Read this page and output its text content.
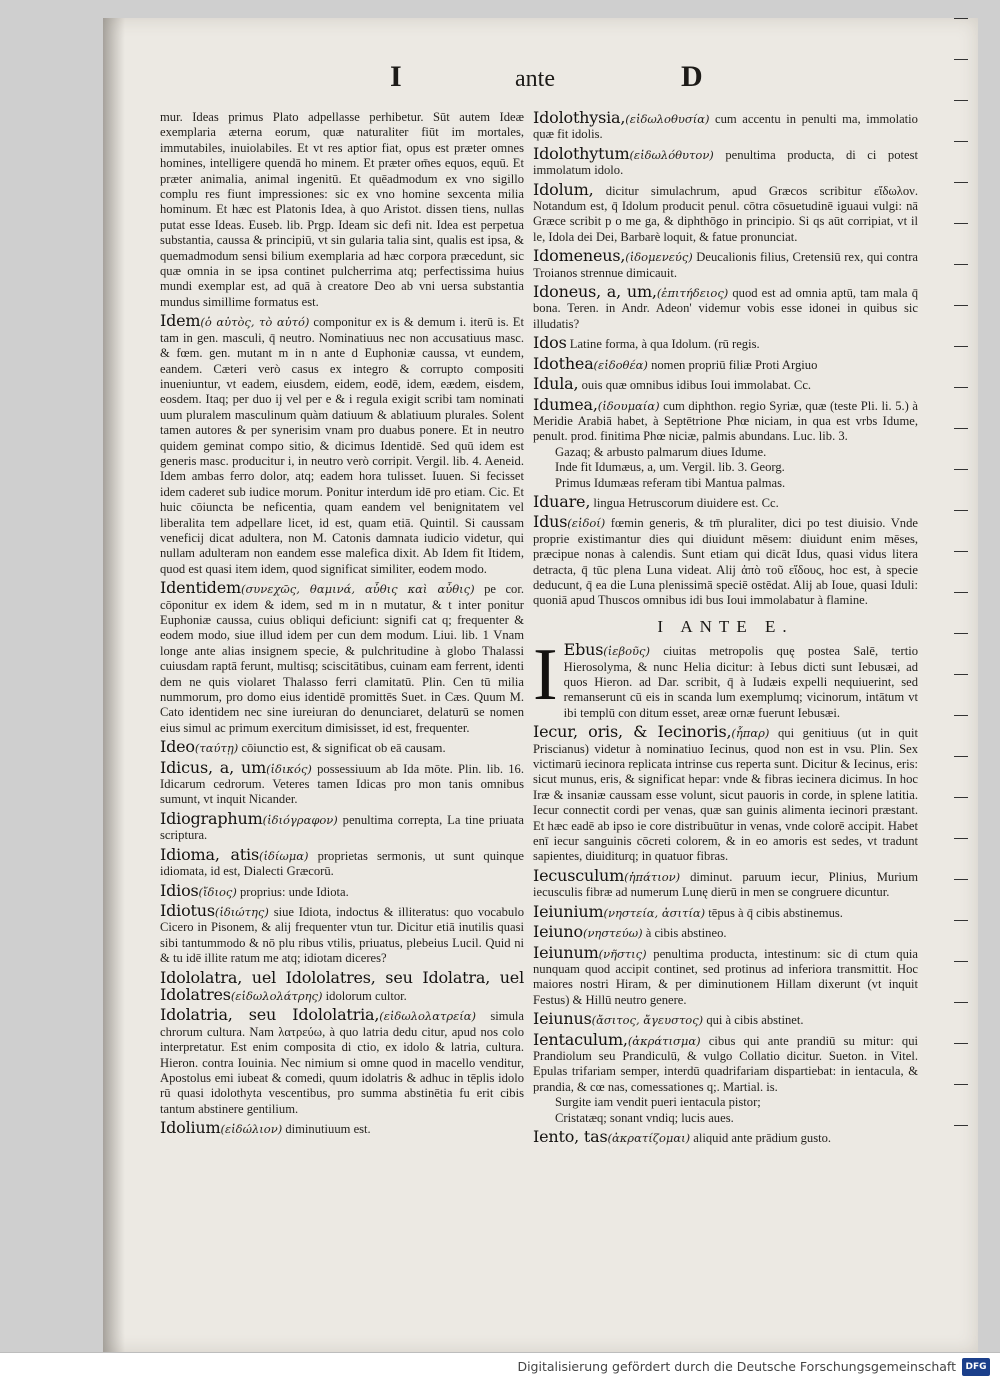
I	ante	D
mur. Ideas primus Plato adpellasse perhibetur. Sūt autem Ideæ exemplaria æterna eorum, quæ naturaliter fiūt im mortales, immutabiles, inuiolabiles. Et vt res aptior fiat, opus est præter omnes homines, intelligere quendā ho minem. Et præter om̄es equos, equū. Et præter animalia, animal ingenitū. Et quēadmodum ex vno sigillo complu res fiunt impressiones: sic ex vno homine sexcenta milia hominum. Et hæc est Platonis Idea, à quo Aristot. dissen tiens, nullas putat esse Ideas. Euseb. lib. Prgp. Ideam sic defi nit. Idea est perpetua substantia, caussa & principiū, vt sin gularia talia sint, qualis est ipsa, & quemadmodum sensi bilium exemplaria ad hæc corpora præcedunt, sic quæ omnia in se ipsa continet pulcherrima atq; perfectissima huius mundi exemplar est, ad quā à creatore Deo ab vni uersa substantia mundus simillime formatus est.
Idem(ὁ αὐτὸς, τὸ αὐτό) componitur ex is & demum i. iterū is. Et tam in gen. masculi, q̄ neutro. Nominatiuus nec non accusatiuus masc. & fœm. gen. mutant m in n ante d Euphoniæ caussa, vt eundem, eandem. Cæteri verò casus ex integro & corrupto compositi inueniuntur, vt eadem, eiusdem, eidem, eodē, idem, eædem, eisdem, eosdem. Itaq; per duo ij vel per e & i regula exigit scribi tam nominati uum pluralem masculinum quàm datiuum & ablatiuum plurales. Solent tamen autores & per synerisim vnam pro duabus ponere. Et in neutro quidem geminat compo sitio, & dicimus Identidē. Sed quū idem est generis masc. producitur i, in neutro verò corripit. Vergil. lib. 4. Aeneid. Idem ambas ferro dolor, atq; eadem hora tulisset. Iuuen. Si fecisset idem caderet sub iudice morum. Ponitur interdum idē pro etiam. Cic. Et huic cōiuncta be neficentia, quam eandem vel benignitatem vel liberalita tem adpellare licet, id est, quam etiā. Quintil. Si caussam veneficij dicat adultera, non M. Catonis damnata iudicio videtur, qui nullam adulteram non eandem esse malefica dixit. Ab Idem fit Itidem, quod est quasi item idem, quod significat similiter, eodem modo.
Identidem(συνεχῶς, θαμινά, αὖθις καὶ αὖθις) pe cor. cōponitur ex idem & idem, sed m in n mutatur, & t inter ponitur Euphoniæ caussa, cuius obliqui deficiunt: signifi cat q; frequenter & eodem modo, siue illud idem per cun dem modum. Liui. lib. 1 Vnam longe ante alias insignem specie, & pulchritudine à globo Thalassi cuiusdam raptā ferunt, multisq; sciscitātibus, cuinam eam ferrent, identi dem ne quis violaret Thalasso ferri clamitatū. Plin. Cen tū milia nummorum, pro domo eius identidē promittēs Suet. in Cæs. Quum M. Cato identidem nec sine iureiuran do denunciaret, delaturū se nomen eius simul ac primum exercitum dimisisset, id est, frequenter.
Ideo(ταύτῃ) cōiunctio est, & significat ob eā causam.
Idicus, a, um(ἰδικός) possessiuum ab Ida mōte. Plin. lib. 16. Idicarum cedrorum. Veteres tamen Idicas pro mon tanis omnibus sumunt, vt inquit Nicander.
Idiographum(ἰδιόγραφον) penultima correpta, La tine priuata scriptura.
Idioma, atis(ἰδίωμα) proprietas sermonis, ut sunt quinque idiomata, id est, Dialecti Græcorū.
Idios(ἴδιος) proprius: unde Idiota.
Idiotus(ἰδιώτης) siue Idiota, indoctus & illiteratus: quo vocabulo Cicero in Pisonem, & alij frequenter vtun tur. Dicitur etiā inutilis quasi sibi tantummodo & nō plu ribus vtilis, priuatus, plebeius Lucil. Quid ni & tu idē illite ratum me atq; idiotam diceres?
Idololatra, uel Idololatres, seu Idolatra, uel Idolatres(εἰδωλολάτρης) idolorum cultor.
Idolatria, seu Idololatria,(εἰδωλολατρεία) simula chrorum cultura. Nam λατρεύω, à quo latria dedu citur, apud nos colo interpretatur. Est enim composita di ctio, ex idolo & latria, cultura. Hieron. contra Iouinia. Nec nimium si omne quod in macello venditur, Apostolus emi iubeat & comedi, quum idolatris & adhuc in tēplis idolo rū quasi idolothyta vescentibus, pro summa abstinētia fu erit cibis tantum abstinere gentilium.
Idolium(εἰδώλιον) diminutiuum est.
Idolothysia,(εἰδωλοθυσία) cum accentu in penulti ma, immolatio quæ fit idolis.
Idolothytum(εἰδωλόθυτον) penultima producta, di ci potest immolatum idolo.
Idolum, dicitur simulachrum, apud Græcos scribitur εἴδωλον. Notandum est, q̄ Idolum producit penul. cōtra cōsuetudinē iguaui vulgi: nā Græce scribit p o me ga, & diphthōgo in principio. Si qs aūt corripiat, vt il le, Idola dei Dei, Barbarè loquit, & fatue pronunciat.
Idomeneus,(ἰδομενεύς) Deucalionis filius, Cretensiū rex, qui contra Troianos strennue dimicauit.
Idoneus, a, um,(ἐπιτήδειος) quod est ad omnia aptū, tam mala q̄ bona. Teren. in Andr. Adeon' videmur vobis esse idonei in quibus sic illudatis?
Idos Latine forma, à qua Idolum. (rū regis.
Idothea(εἰδοθέα) nomen propriū filiæ Proti Argiuo
Idula, ouis quæ omnibus idibus Ioui immolabat. Cc.
Idumea,(ἰδουμαία) cum diphthon. regio Syriæ, quæ (teste Pli. li. 5.) à Meridie Arabiā habet, à Septētrione Phœ niciam, in qua est vrbs Idume, penult. prod. finitima Phœ niciæ, palmis abundans. Luc. lib. 3.
Gazaq; & arbusto palmarum diues Idume.
Inde fit Idumæus, a, um. Vergil. lib. 3. Georg.
Primus Idumæas referam tibi Mantua palmas.
Iduare, lingua Hetruscorum diuidere est. Cc.
Idus(εἰδοί) fœmin generis, & tm̄ pluraliter, dici po test diuisio. Vnde proprie existimantur dies qui diuidunt mēsem: diuidunt enim mēses, præcipue nonas à calendis. Sunt etiam qui dicāt Idus, quasi vidus litera detracta, q̄ tūc plena Luna videat. Alij ἀπὸ τοῦ εἴδους, hoc est, à specie deducunt, q̄ ea die Luna plenissimā speciē ostēdat. Alij ab Ioue, quasi Iduli: quoniā apud Thuscos omnibus idi bus Ioui immolabatur à flamine.
I ANTE E.
I Ebus(ἰεβοῦς) ciuitas metropolis quę postea Salē, tertio Hierosolyma, & nunc Helia dicitur: à Iebus dicti sunt Iebusæi, ad quos Hieron. ad Dar. scribit, q̄ à Iudæis expelli nequiuerint, sed remanserunt cū eis in scanda lum exemplumq; vicinorum, intātum vt ibi templū con ditum esset, areæ ornæ fuerunt Iebusæi.
Iecur, oris, & Iecinoris,(ἧπαρ) qui genitiuus (ut in quit Priscianus) videtur à nominatiuo Iecinus, quod non est in vsu. Plin. Sex victimarū iecinora replicata intrinse cus reperta sunt. Dicitur & Iecinus, eris: sicut munus, eris, & significat hepar: vnde & fibras iecinera dicimus. In hoc Iræ & insaniæ caussam esse volunt, sicut pauoris in corde, in splene latitia. Iecur connectit cordi per venas, quæ san guinis alimenta iecinori præstant. Et hæc eadē ab ipso ie core distribuūtur in venas, vnde colorē accipit. Habet enī iecur sanguinis cōcreti colorem, & in eo amoris est sedes, vt tradunt sapientes, diuiditurq; in quatuor fibras.
Iecusculum(ἡπάτιον) diminut. paruum iecur, Plinius, Murium iecusculis fibræ ad numerum Lunę dierū in men se congruere dicuntur.
Ieiunium(νηστεία, ἀσιτία) tēpus à q̄ cibis abstinemus.
Ieiuno(νηστεύω) à cibis abstineo.
Ieiunum(νῆστις) penultima producta, intestinum: sic di ctum quia nunquam quod accipit continet, sed protinus ad inferiora transmittit. Hoc maiores nostri Hiram, & per diminutionem Hillam dixerunt (vt inquit Festus) & Hillū neutro genere.
Ieiunus(ἄσιτος, ἄγευστος) qui à cibis abstinet.
Ientaculum,(ἀκράτισμα) cibus qui ante prandiū su mitur: qui Prandiolum seu Prandiculū, & vulgo Collatio dicitur. Sueton. in Vitel. Epulas trifariam semper, interdū quadrifariam dispartiebat: in ientacula, & prandia, & cœ nas, comessationes q;. Martial. is.
Surgite iam vendit pueri ientacula pistor;
Cristatæq; sonant vndiq; lucis aues.
Iento, tas(ἀκρατίζομαι) aliquid ante prādium gusto.
Digitalisierung gefördert durch die Deutsche Forschungsgemeinschaft	DFG
